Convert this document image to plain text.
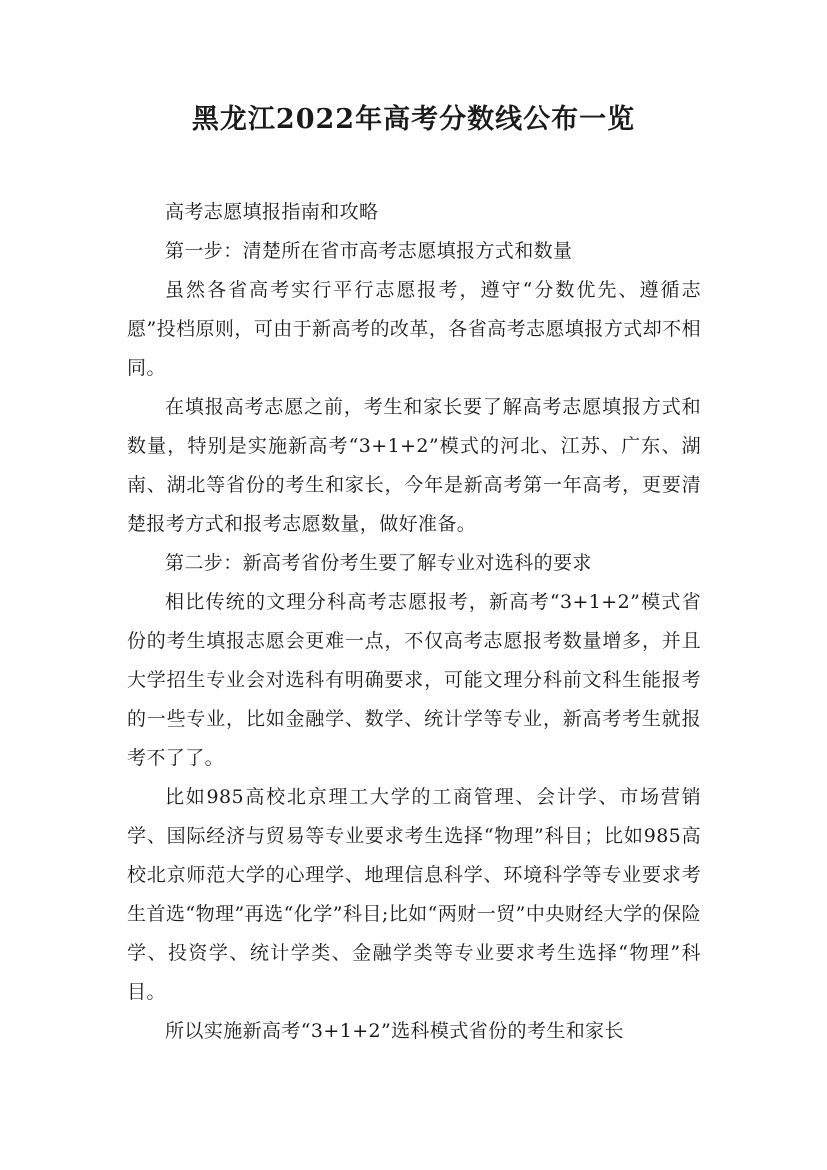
黑龙江2022年高考分数线公布一览

高考志愿填报指南和攻略

第一步：清楚所在省市高考志愿填报方式和数量

虽然各省高考实行平行志愿报考，遵守“分数优先、遵循志愿”投档原则，可由于新高考的改革，各省高考志愿填报方式却不相同。

在填报高考志愿之前，考生和家长要了解高考志愿填报方式和数量，特别是实施新高考“3+1+2”模式的河北、江苏、广东、湖南、湖北等省份的考生和家长，今年是新高考第一年高考，更要清楚报考方式和报考志愿数量，做好准备。

第二步：新高考省份考生要了解专业对选科的要求

相比传统的文理分科高考志愿报考，新高考“3+1+2”模式省份的考生填报志愿会更难一点，不仅高考志愿报考数量增多，并且大学招生专业会对选科有明确要求，可能文理分科前文科生能报考的一些专业，比如金融学、数学、统计学等专业，新高考考生就报考不了了。

比如985高校北京理工大学的工商管理、会计学、市场营销学、国际经济与贸易等专业要求考生选择“物理”科目；比如985高校北京师范大学的心理学、地理信息科学、环境科学等专业要求考生首选“物理”再选“化学”科目;比如“两财一贸”中央财经大学的保险学、投资学、统计学类、金融学类等专业要求考生选择“物理”科目。

所以实施新高考“3+1+2”选科模式省份的考生和家长
